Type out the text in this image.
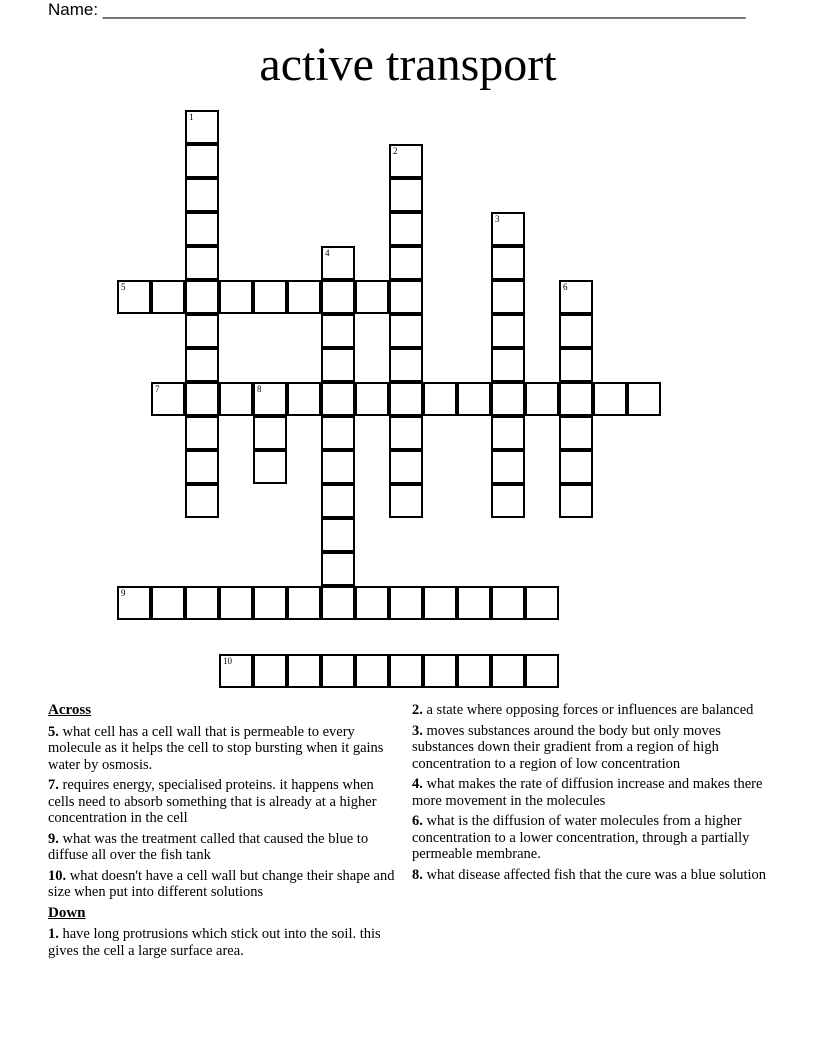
Name: ____________________________________________________________________
active transport
1
2
3
4
5	6
7	8
9
10
Across
5. what cell has a cell wall that is permeable to every molecule as it helps the cell to stop bursting when it gains water by osmosis.
7. requires energy, specialised proteins. it happens when cells need to absorb something that is already at a higher concentration in the cell
9. what was the treatment called that caused the blue to diffuse all over the fish tank
10. what doesn't have a cell wall but change their shape and size when put into different solutions
Down
1. have long protrusions which stick out into the soil. this gives the cell a large surface area.
2. a state where opposing forces or influences are balanced
3. moves substances around the body but only moves substances down their gradient from a region of high concentration to a region of low concentration
4. what makes the rate of diffusion increase and makes there more movement in the molecules
6. what is the diffusion of water molecules from a higher concentration to a lower concentration, through a partially permeable membrane.
8. what disease affected fish that the cure was a blue solution
